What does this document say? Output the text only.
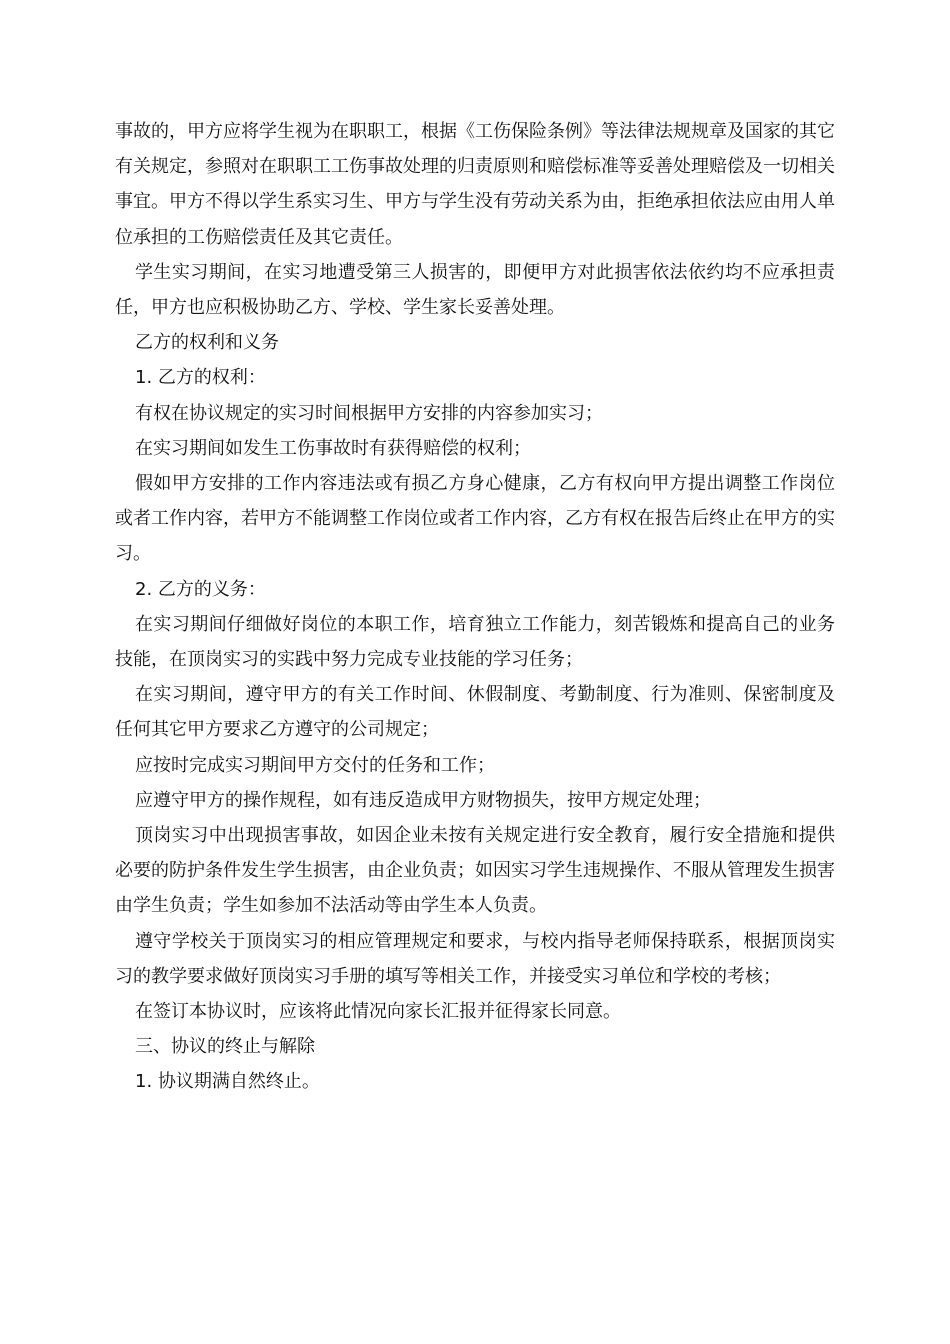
事故的，甲方应将学生视为在职职工，根据《工伤保险条例》等法律法规规章及国家的其它有关规定，参照对在职职工工伤事故处理的归责原则和赔偿标准等妥善处理赔偿及一切相关事宜。甲方不得以学生系实习生、甲方与学生没有劳动关系为由，拒绝承担依法应由用人单位承担的工伤赔偿责任及其它责任。

学生实习期间，在实习地遭受第三人损害的，即便甲方对此损害依法依约均不应承担责任，甲方也应积极协助乙方、学校、学生家长妥善处理。

乙方的权利和义务

1. 乙方的权利：

有权在协议规定的实习时间根据甲方安排的内容参加实习；

在实习期间如发生工伤事故时有获得赔偿的权利；

假如甲方安排的工作内容违法或有损乙方身心健康，乙方有权向甲方提出调整工作岗位或者工作内容，若甲方不能调整工作岗位或者工作内容，乙方有权在报告后终止在甲方的实习。

2. 乙方的义务：

在实习期间仔细做好岗位的本职工作，培育独立工作能力，刻苦锻炼和提高自己的业务技能，在顶岗实习的实践中努力完成专业技能的学习任务；

在实习期间，遵守甲方的有关工作时间、休假制度、考勤制度、行为准则、保密制度及任何其它甲方要求乙方遵守的公司规定；

应按时完成实习期间甲方交付的任务和工作；

应遵守甲方的操作规程，如有违反造成甲方财物损失，按甲方规定处理；

顶岗实习中出现损害事故，如因企业未按有关规定进行安全教育，履行安全措施和提供必要的防护条件发生学生损害，由企业负责；如因实习学生违规操作、不服从管理发生损害由学生负责；学生如参加不法活动等由学生本人负责。

遵守学校关于顶岗实习的相应管理规定和要求，与校内指导老师保持联系，根据顶岗实习的教学要求做好顶岗实习手册的填写等相关工作，并接受实习单位和学校的考核；

在签订本协议时，应该将此情况向家长汇报并征得家长同意。

三、协议的终止与解除

1. 协议期满自然终止。
